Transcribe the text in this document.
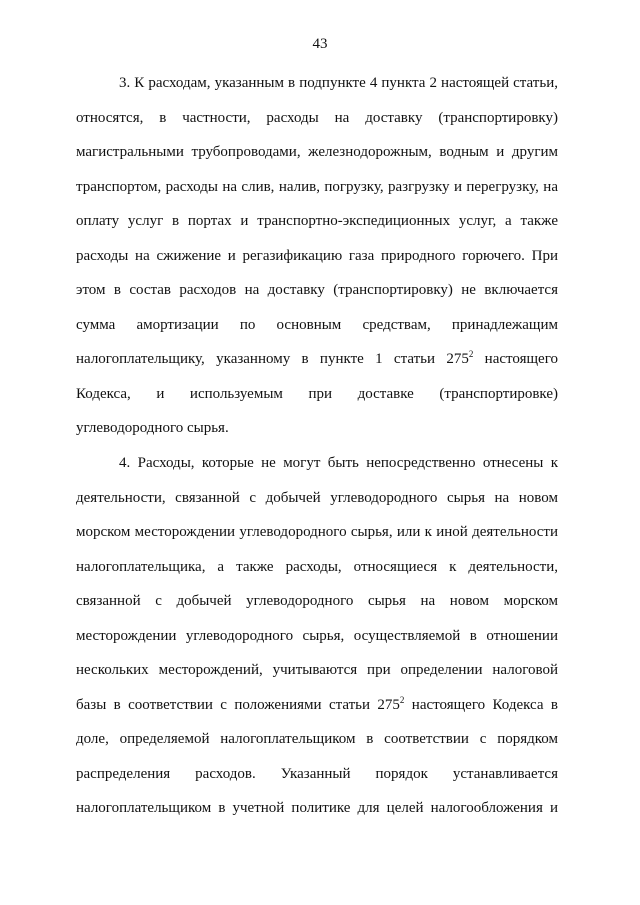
43
3. К расходам, указанным в подпункте 4 пункта 2 настоящей статьи,
относятся, в частности, расходы на доставку (транспортировку)
магистральными трубопроводами, железнодорожным, водным и другим
транспортом, расходы на слив, налив, погрузку, разгрузку и перегрузку, на
оплату услуг в портах и транспортно-экспедиционных услуг, а также
расходы на сжижение и регазификацию газа природного горючего. При
этом в состав расходов на доставку (транспортировку) не включается
сумма амортизации по основным средствам, принадлежащим
налогоплательщику, указанному в пункте 1 статьи $275^2$ настоящего
Кодекса, и используемым при доставке (транспортировке)
углеводородного сырья.
4. Расходы, которые не могут быть непосредственно отнесены к
деятельности, связанной с добычей углеводородного сырья на новом
морском месторождении углеводородного сырья, или к иной деятельности
налогоплательщика, а также расходы, относящиеся к деятельности,
связанной с добычей углеводородного сырья на новом морском
месторождении углеводородного сырья, осуществляемой в отношении
нескольких месторождений, учитываются при определении налоговой
базы в соответствии с положениями статьи $275^2$ настоящего Кодекса в
доле, определяемой налогоплательщиком в соответствии с порядком
распределения расходов. Указанный порядок устанавливается
налогоплательщиком в учетной политике для целей налогообложения и
